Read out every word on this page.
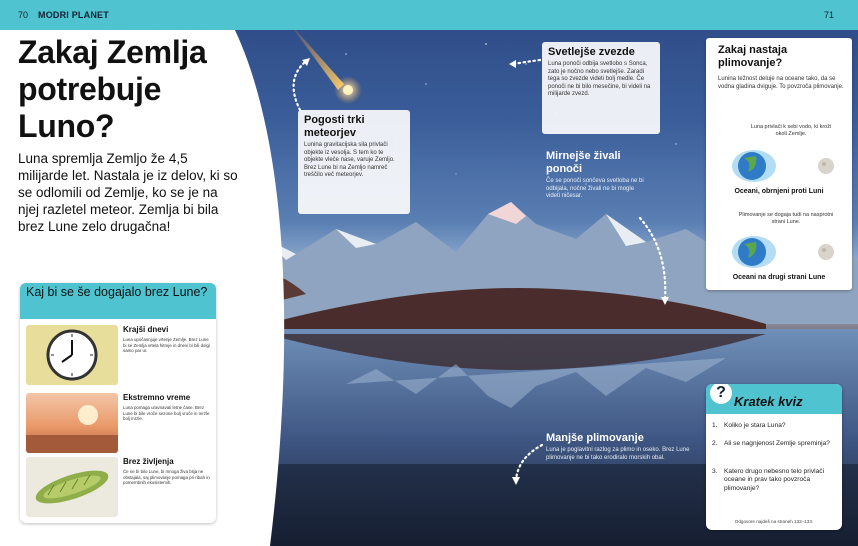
70 MODRI PLANET	71
Zakaj Zemlja potrebuje Luno?
Luna spremlja Zemljo že 4,5 milijarde let. Nastala je iz delov, ki so se odlomili od Zemlje, ko se je na njej razletel meteor. Zemlja bi bila brez Lune zelo drugačna!
Kaj bi se še dogajalo brez Lune?
Krajši dnevi
Luna upočasnjuje vrtenje Zemlje. Brez Lune bi se Zemlja vrtela hitreje in dnevi bi bili dolgi samo par ur.
Ekstremno vreme
Luna pomaga uravnavati letne čase. Brez Lune bi bile vroče sezone bolj vroče in mrzle bolj mrzle.
Brez življenja
Če ne bi bilo Lune, bi mnoga živa bitja ne obstajala, saj plimovanje pomaga pri ribah in pomembnih ekosistemih.
Pogosti trki meteorjev
Lunina gravitacijska sila privlači objekte iz vesolja. S tem ko te objekte vleče nase, varuje Zemljo. Brez Lune bi na Zemljo namreč treščilo več meteorjev.
Svetlejše zvezde
Luna ponoči odbija svetlobo s Sonca, zato je nočno nebo svetlejše. Zaradi tega so zvezde videti bolj medle. Če ponoči ne bi bilo mesečine, bi videli na milijarde zvezd.
Mirnejše živali ponoči
Če se ponoči sončeva svetloba ne bi odbijala, nočne živali ne bi mogle videti ničesar.
Manjše plimovanje
Luna je poglavitni razlog za plimo in oseko. Brez Lune plimovanje ne bi tako erodiralo morskih obal.
Zakaj nastaja plimovanje?
Lunina težnost deluje na oceane tako, da se vodna gladina dviguje. To povzroča plimovanje.
Luna privlači k sebi vodo, ki kroži okoli Zemlje.
Oceani, obrnjeni proti Luni
Plimovanje se dogaja tudi na nasprotni strani Lune.
Oceani na drugi strani Lune
?
Kratek kviz
1. Koliko je stara Luna?
2. Ali se nagnjenost Zemlje spreminja?
3. Katero drugo nebesno telo privlači oceane in prav tako povzroča plimovanje?
Odgovore najdeš na straneh 132–133.
